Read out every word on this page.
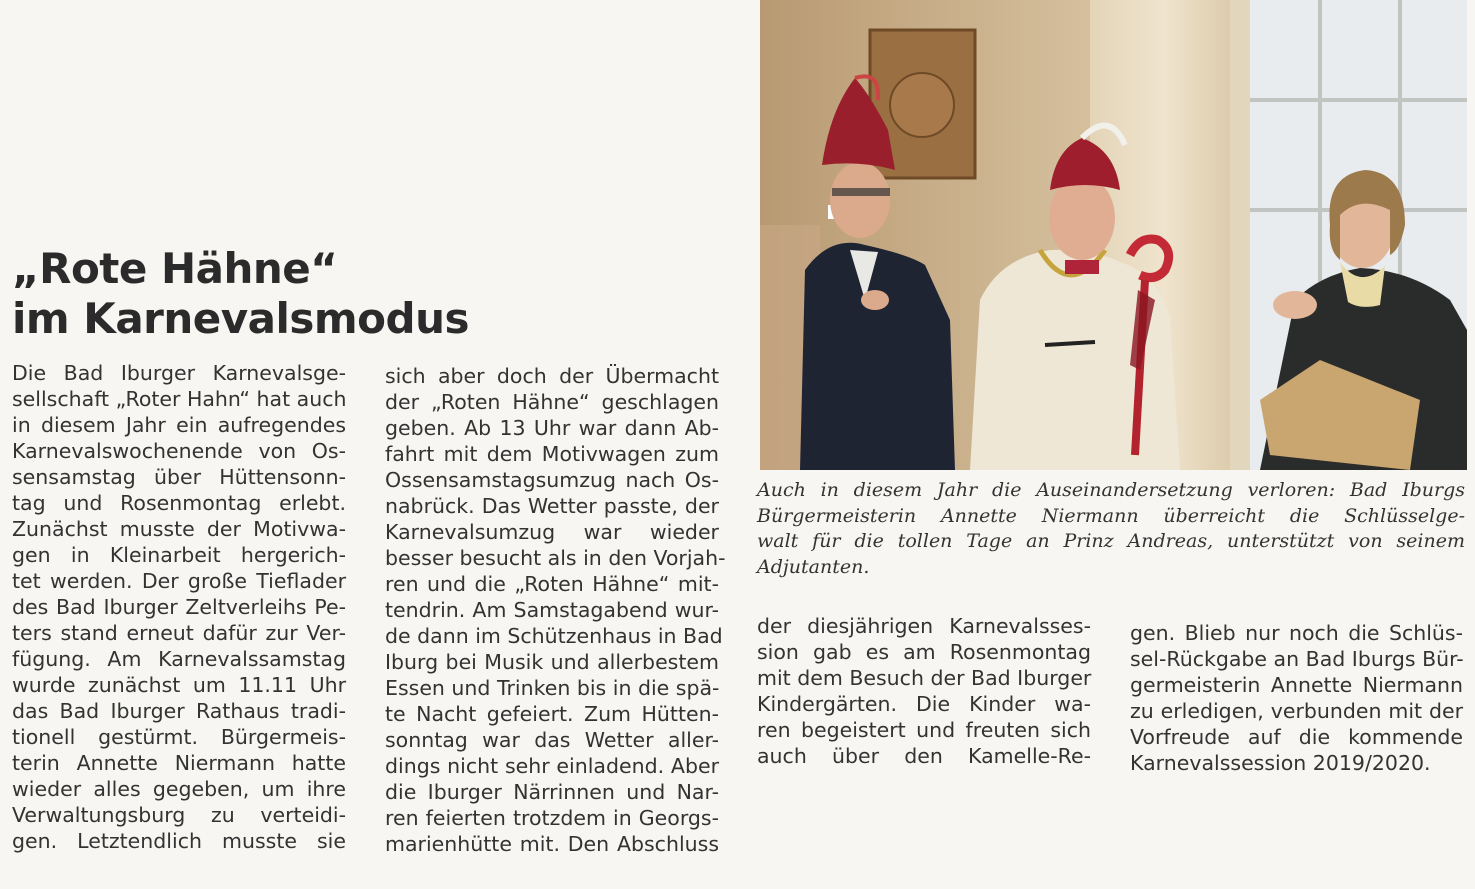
„Rote Hähne“
im Karnevalsmodus
Die Bad Iburger Karnevalsge-
sellschaft „Roter Hahn“ hat auch
in diesem Jahr ein aufregendes
Karnevalswochenende von Os-
sensamstag über Hüttensonn-
tag und Rosenmontag erlebt.
Zunächst musste der Motivwa-
gen in Kleinarbeit hergerich-
tet werden. Der große Tieflader
des Bad Iburger Zeltverleihs Pe-
ters stand erneut dafür zur Ver-
fügung. Am Karnevalssamstag
wurde zunächst um 11.11 Uhr
das Bad Iburger Rathaus tradi-
tionell gestürmt. Bürgermeis-
terin Annette Niermann hatte
wieder alles gegeben, um ihre
Verwaltungsburg zu verteidi-
gen. Letztendlich musste sie
sich aber doch der Übermacht
der „Roten Hähne“ geschlagen
geben. Ab 13 Uhr war dann Ab-
fahrt mit dem Motivwagen zum
Ossensamstagsumzug nach Os-
nabrück. Das Wetter passte, der
Karnevalsumzug war wieder
besser besucht als in den Vorjah-
ren und die „Roten Hähne“ mit-
tendrin. Am Samstagabend wur-
de dann im Schützenhaus in Bad
Iburg bei Musik und allerbestem
Essen und Trinken bis in die spä-
te Nacht gefeiert. Zum Hütten-
sonntag war das Wetter aller-
dings nicht sehr einladend. Aber
die Iburger Närrinnen und Nar-
ren feierten trotzdem in Georgs-
marienhütte mit. Den Abschluss
Auch in diesem Jahr die Auseinandersetzung verloren: Bad Iburgs
Bürgermeisterin Annette Niermann überreicht die Schlüsselge-
walt für die tollen Tage an Prinz Andreas, unterstützt von seinem
Adjutanten.
der diesjährigen Karnevalsses-
sion gab es am Rosenmontag
mit dem Besuch der Bad Iburger
Kindergärten. Die Kinder wa-
ren begeistert und freuten sich
auch über den Kamelle-Re-
gen. Blieb nur noch die Schlüs-
sel-Rückgabe an Bad Iburgs Bür-
germeisterin Annette Niermann
zu erledigen, verbunden mit der
Vorfreude auf die kommende
Karnevalssession 2019/2020.
